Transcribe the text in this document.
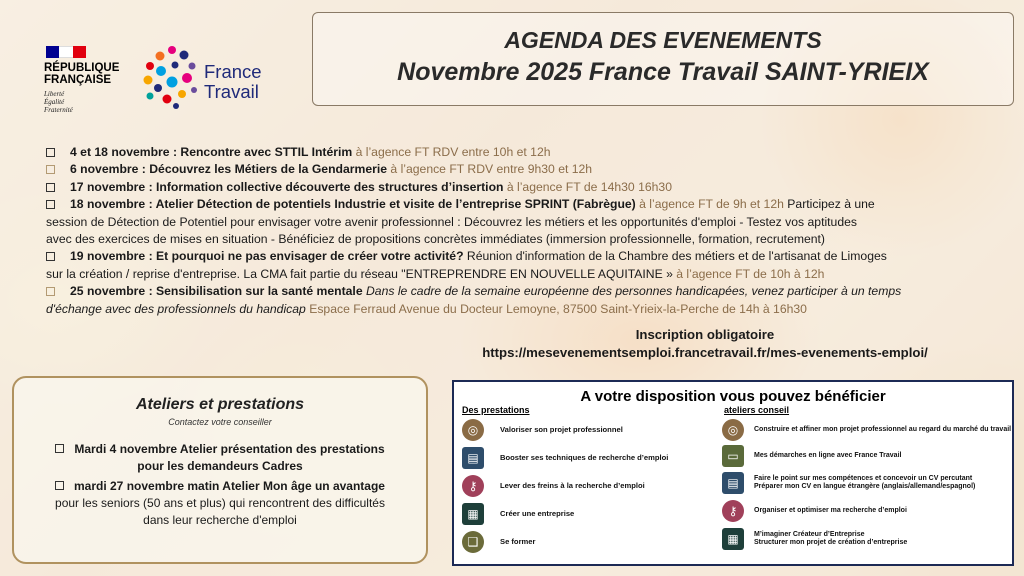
RÉPUBLIQUE
FRANÇAISE
Liberté
Égalité
Fraternité
France
Travail
AGENDA DES EVENEMENTS
Novembre 2025 France Travail SAINT-YRIEIX
4 et 18 novembre : Rencontre avec STTIL Intérim à l’agence FT RDV entre 10h et 12h
6 novembre : Découvrez les Métiers de la Gendarmerie à l’agence FT RDV entre 9h30 et 12h
17 novembre : Information collective découverte des structures d’insertion à l’agence FT de 14h30 16h30
18 novembre : Atelier Détection de potentiels Industrie et visite de l’entreprise SPRINT (Fabrègue) à l’agence FT de 9h et 12h Participez à une
session de Détection de Potentiel pour envisager votre avenir professionnel : Découvrez les métiers et les opportunités d'emploi - Testez vos aptitudes
avec des exercices de mises en situation - Bénéficiez de propositions concrètes immédiates (immersion professionnelle, formation, recrutement)
19 novembre : Et pourquoi ne pas envisager de créer votre activité? Réunion d'information de la Chambre des métiers et de l'artisanat de Limoges
sur la création / reprise d'entreprise. La CMA fait partie du réseau "ENTREPRENDRE EN NOUVELLE AQUITAINE » à l’agence FT de 10h à 12h
25 novembre : Sensibilisation sur la santé mentale Dans le cadre de la semaine européenne des personnes handicapées, venez participer à un temps
d'échange avec des professionnels du handicap Espace Ferraud Avenue du Docteur Lemoyne, 87500 Saint-Yrieix-la-Perche de 14h à 16h30
Inscription obligatoire
https://mesevenementsemploi.francetravail.fr/mes-evenements-emploi/
Ateliers et prestations
Contactez votre conseiller
Mardi 4 novembre Atelier présentation des prestations
pour les demandeurs Cadres
mardi 27 novembre matin Atelier Mon âge un avantage
pour les seniors (50 ans et plus) qui rencontrent des difficultés
dans leur recherche d'emploi
A votre disposition vous pouvez bénéficier
Des prestations	ateliers conseil
◎	Valoriser son projet professionnel
▤	Booster ses techniques de recherche d’emploi
⚷	Lever des freins à la recherche d’emploi
▦	Créer une entreprise
❑	Se former
◎	Construire et affiner mon projet professionnel au regard du marché du travail
▭	Mes démarches en ligne avec France Travail
▤	Faire le point sur mes compétences et concevoir un CV percutant
Préparer mon CV en langue étrangère (anglais/allemand/espagnol)
⚷	Organiser et optimiser ma recherche d’emploi
▦	M’imaginer Créateur d’Entreprise
Structurer mon projet de création d’entreprise
